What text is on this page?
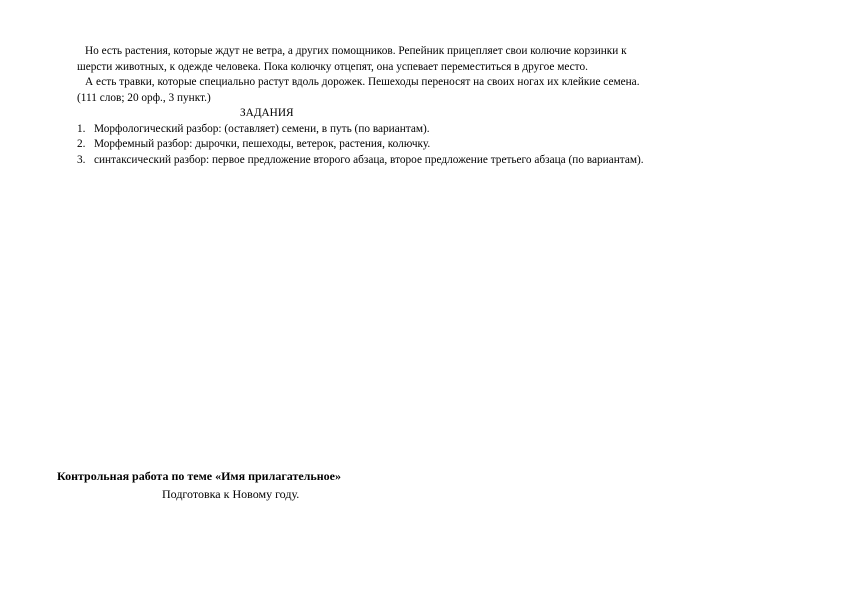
Но есть растения, которые ждут не ветра, а других помощников. Репейник прицепляет свои колючие корзинки к
шерсти животных, к одежде человека. Пока колючку отцепят, она успевает переместиться в другое место.

А есть травки, которые специально растут вдоль дорожек. Пешеходы переносят на своих ногах их клейкие семена.

(111 слов; 20 орф., 3 пункт.)

ЗАДАНИЯ

1. Морфологический разбор: (оставляет) семени, в путь (по вариантам).
2. Морфемный разбор: дырочки, пешеходы, ветерок, растения, колючку.
3. синтаксический разбор: первое предложение второго абзаца, второе предложение третьего абзаца (по вариантам).
Контрольная работа по теме «Имя прилагательное»
Подготовка к Новому году.
